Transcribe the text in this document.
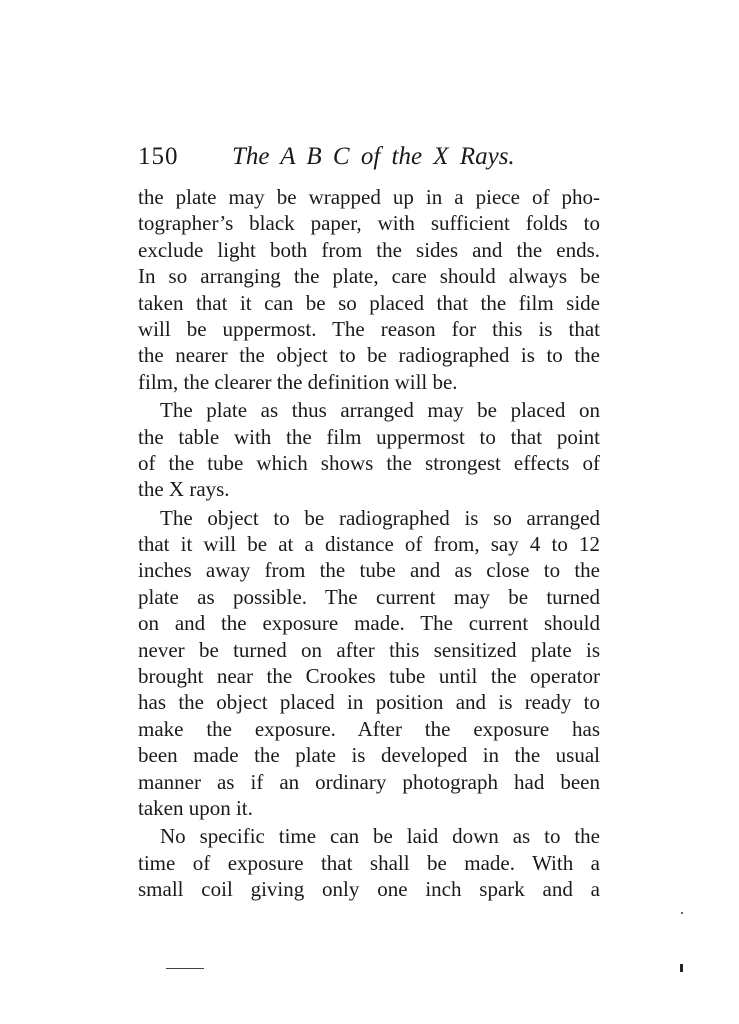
150 The A B C of the X Rays.
the plate may be wrapped up in a piece of pho-
tographer’s black paper, with sufficient folds to
exclude light both from the sides and the ends.
In so arranging the plate, care should always be
taken that it can be so placed that the film side
will be uppermost. The reason for this is that
the nearer the object to be radiographed is to the
film, the clearer the definition will be.
The plate as thus arranged may be placed on
the table with the film uppermost to that point
of the tube which shows the strongest effects of
the X rays.
The object to be radiographed is so arranged
that it will be at a distance of from, say 4 to 12
inches away from the tube and as close to the
plate as possible. The current may be turned
on and the exposure made. The current should
never be turned on after this sensitized plate is
brought near the Crookes tube until the operator
has the object placed in position and is ready to
make the exposure. After the exposure has
been made the plate is developed in the usual
manner as if an ordinary photograph had been
taken upon it.
No specific time can be laid down as to the
time of exposure that shall be made. With a
small coil giving only one inch spark and a
